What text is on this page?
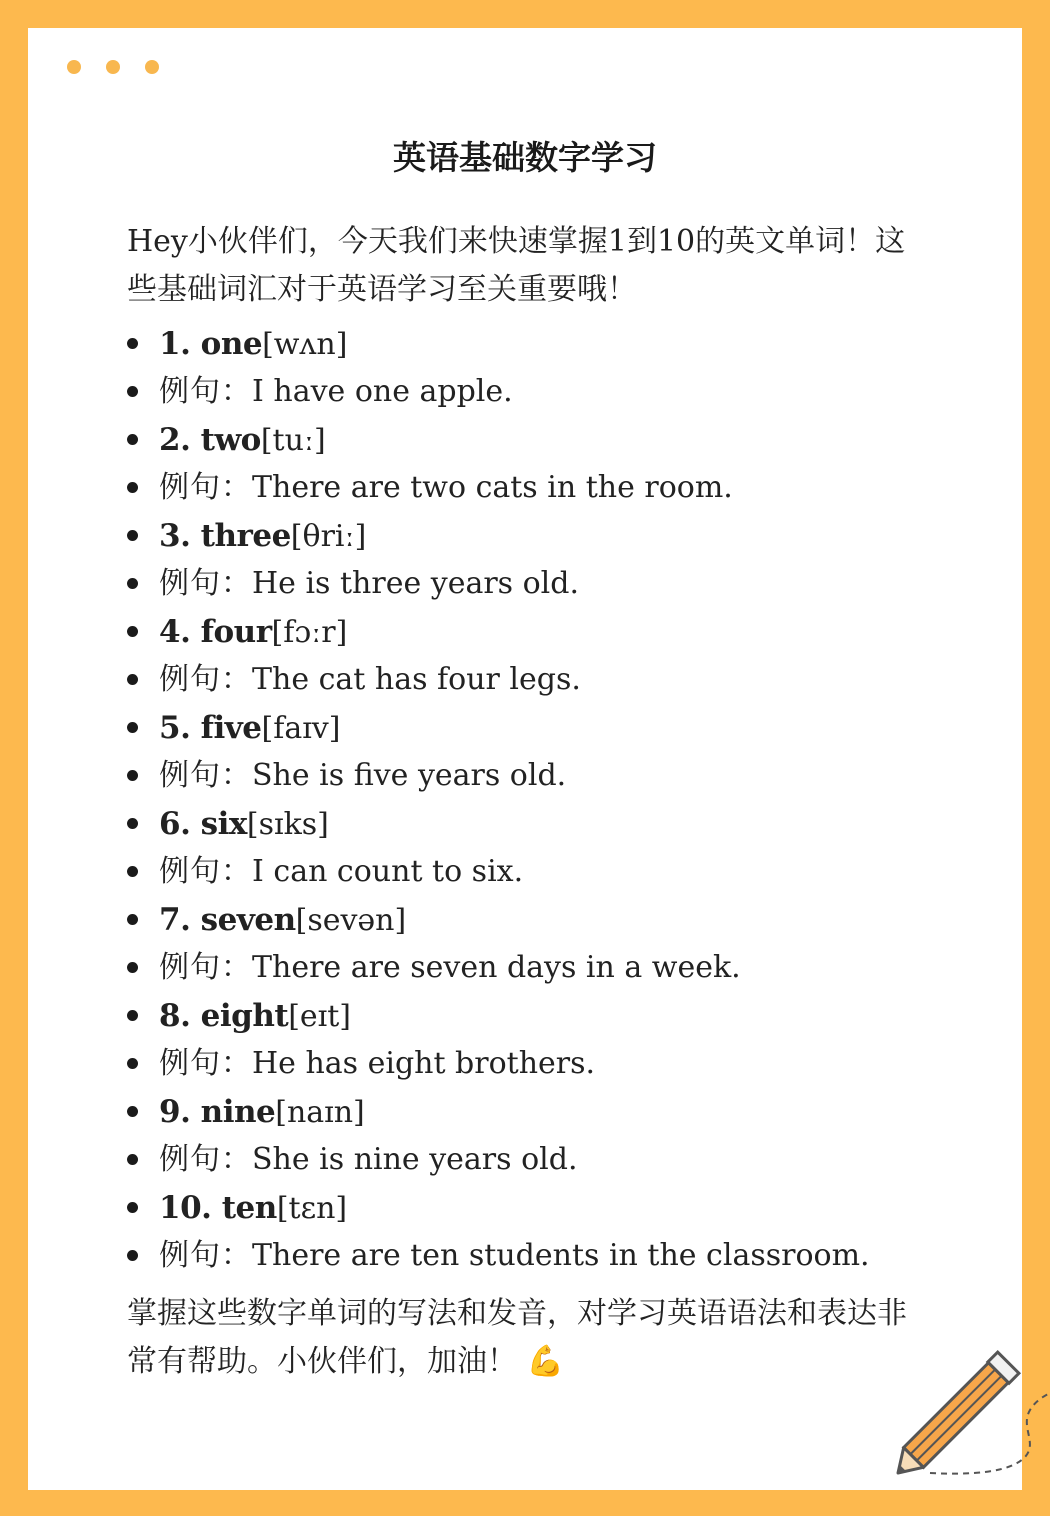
英语基础数字学习

Hey小伙伴们，今天我们来快速掌握1到10的英文单词！这些基础词汇对于英语学习至关重要哦！

1. one[wʌn]
例句：I have one apple.
2. two[tuː]
例句：There are two cats in the room.
3. three[θriː]
例句：He is three years old.
4. four[fɔːr]
例句：The cat has four legs.
5. five[faɪv]
例句：She is five years old.
6. six[sɪks]
例句：I can count to six.
7. seven[sevən]
例句：There are seven days in a week.
8. eight[eɪt]
例句：He has eight brothers.
9. nine[naɪn]
例句：She is nine years old.
10. ten[tɛn]
例句：There are ten students in the classroom.

掌握这些数字单词的写法和发音，对学习英语语法和表达非常有帮助。小伙伴们，加油！ 💪
